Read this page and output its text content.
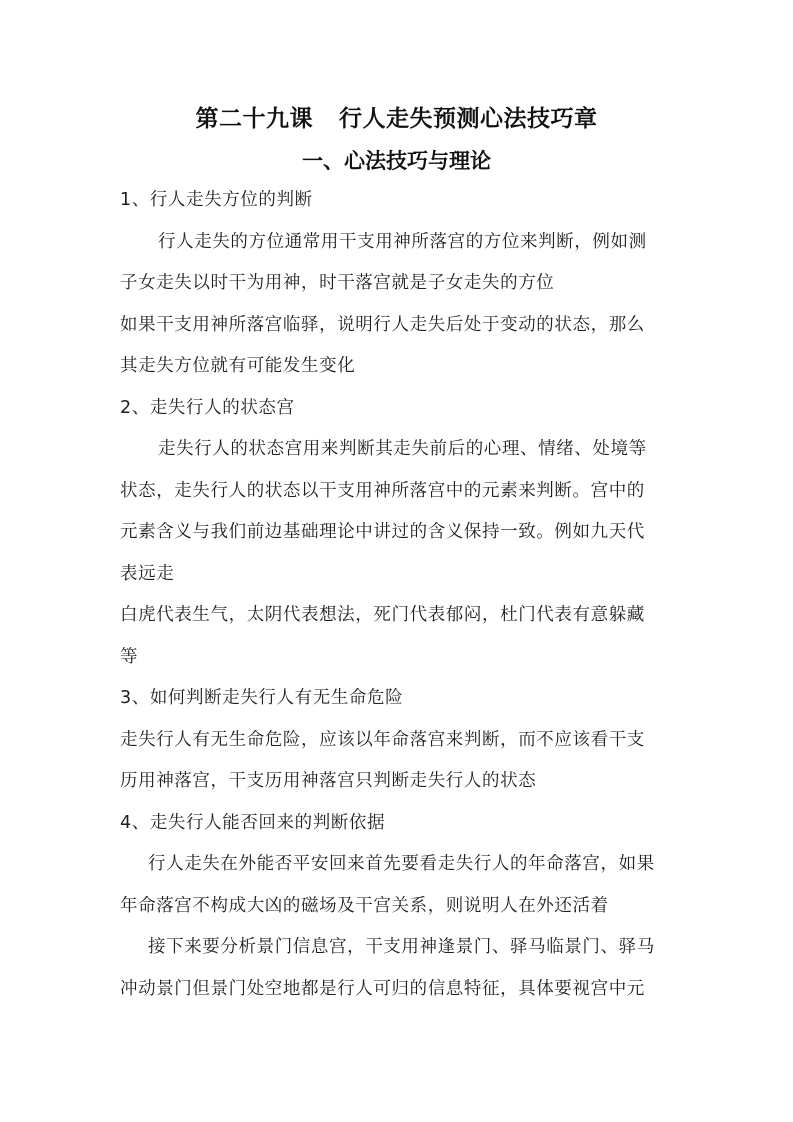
第二十九课 行人走失预测心法技巧章
一、心法技巧与理论
1、行人走失方位的判断
行人走失的方位通常用干支用神所落宫的方位来判断，例如测
子女走失以时干为用神，时干落宫就是子女走失的方位
如果干支用神所落宫临驿，说明行人走失后处于变动的状态，那么
其走失方位就有可能发生变化
2、走失行人的状态宫
走失行人的状态宫用来判断其走失前后的心理、情绪、处境等
状态，走失行人的状态以干支用神所落宫中的元素来判断。宫中的
元素含义与我们前边基础理论中讲过的含义保持一致。例如九天代
表远走
白虎代表生气，太阴代表想法，死门代表郁闷，杜门代表有意躲藏
等
3、如何判断走失行人有无生命危险
走失行人有无生命危险，应该以年命落宫来判断，而不应该看干支
历用神落宫，干支历用神落宫只判断走失行人的状态
4、走失行人能否回来的判断依据
行人走失在外能否平安回来首先要看走失行人的年命落宫，如果
年命落宫不构成大凶的磁场及干宫关系，则说明人在外还活着
接下来要分析景门信息宫，干支用神逢景门、驿马临景门、驿马
冲动景门但景门处空地都是行人可归的信息特征，具体要视宫中元
